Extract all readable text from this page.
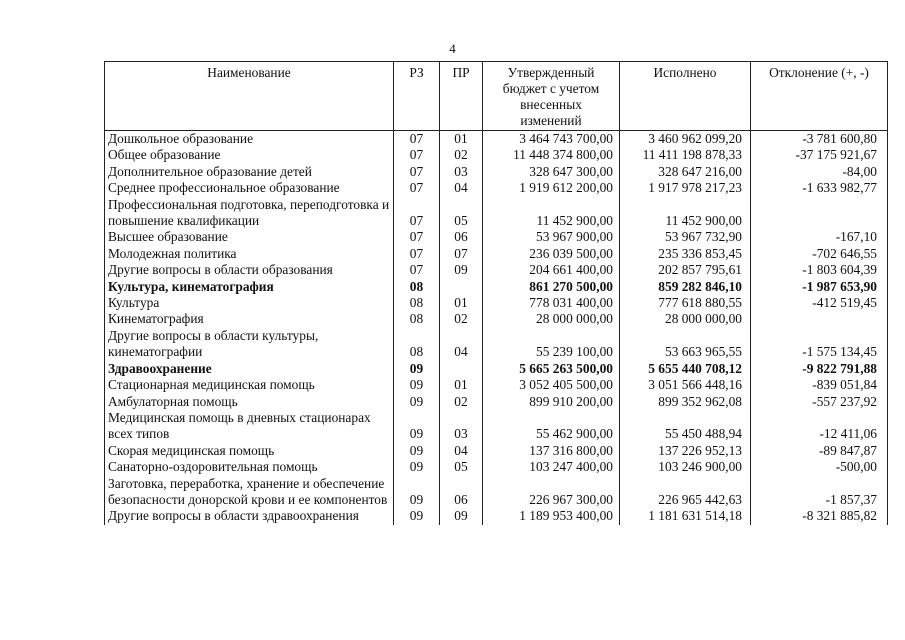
4
Наименование	РЗ	ПР	Утвержденный бюджет с учетом внесенных изменений	Исполнено	Отклонение (+, -)
Дошкольное образование	07	01	3 464 743 700,00	3 460 962 099,20	-3 781 600,80
Общее образование	07	02	11 448 374 800,00	11 411 198 878,33	-37 175 921,67
Дополнительное образование детей	07	03	328 647 300,00	328 647 216,00	-84,00
Среднее профессиональное образование	07	04	1 919 612 200,00	1 917 978 217,23	-1 633 982,77
Профессиональная подготовка, переподготовка и повышение квалификации	07	05	11 452 900,00	11 452 900,00	
Высшее образование	07	06	53 967 900,00	53 967 732,90	-167,10
Молодежная политика	07	07	236 039 500,00	235 336 853,45	-702 646,55
Другие вопросы в области образования	07	09	204 661 400,00	202 857 795,61	-1 803 604,39
Культура, кинематография	08		861 270 500,00	859 282 846,10	-1 987 653,90
Культура	08	01	778 031 400,00	777 618 880,55	-412 519,45
Кинематография	08	02	28 000 000,00	28 000 000,00	
Другие вопросы в области культуры, кинематографии	08	04	55 239 100,00	53 663 965,55	-1 575 134,45
Здравоохранение	09		5 665 263 500,00	5 655 440 708,12	-9 822 791,88
Стационарная медицинская помощь	09	01	3 052 405 500,00	3 051 566 448,16	-839 051,84
Амбулаторная помощь	09	02	899 910 200,00	899 352 962,08	-557 237,92
Медицинская помощь в дневных стационарах всех типов	09	03	55 462 900,00	55 450 488,94	-12 411,06
Скорая медицинская помощь	09	04	137 316 800,00	137 226 952,13	-89 847,87
Санаторно-оздоровительная помощь	09	05	103 247 400,00	103 246 900,00	-500,00
Заготовка, переработка, хранение и обеспечение безопасности донорской крови и ее компонентов	09	06	226 967 300,00	226 965 442,63	-1 857,37
Другие вопросы в области здравоохранения	09	09	1 189 953 400,00	1 181 631 514,18	-8 321 885,82
